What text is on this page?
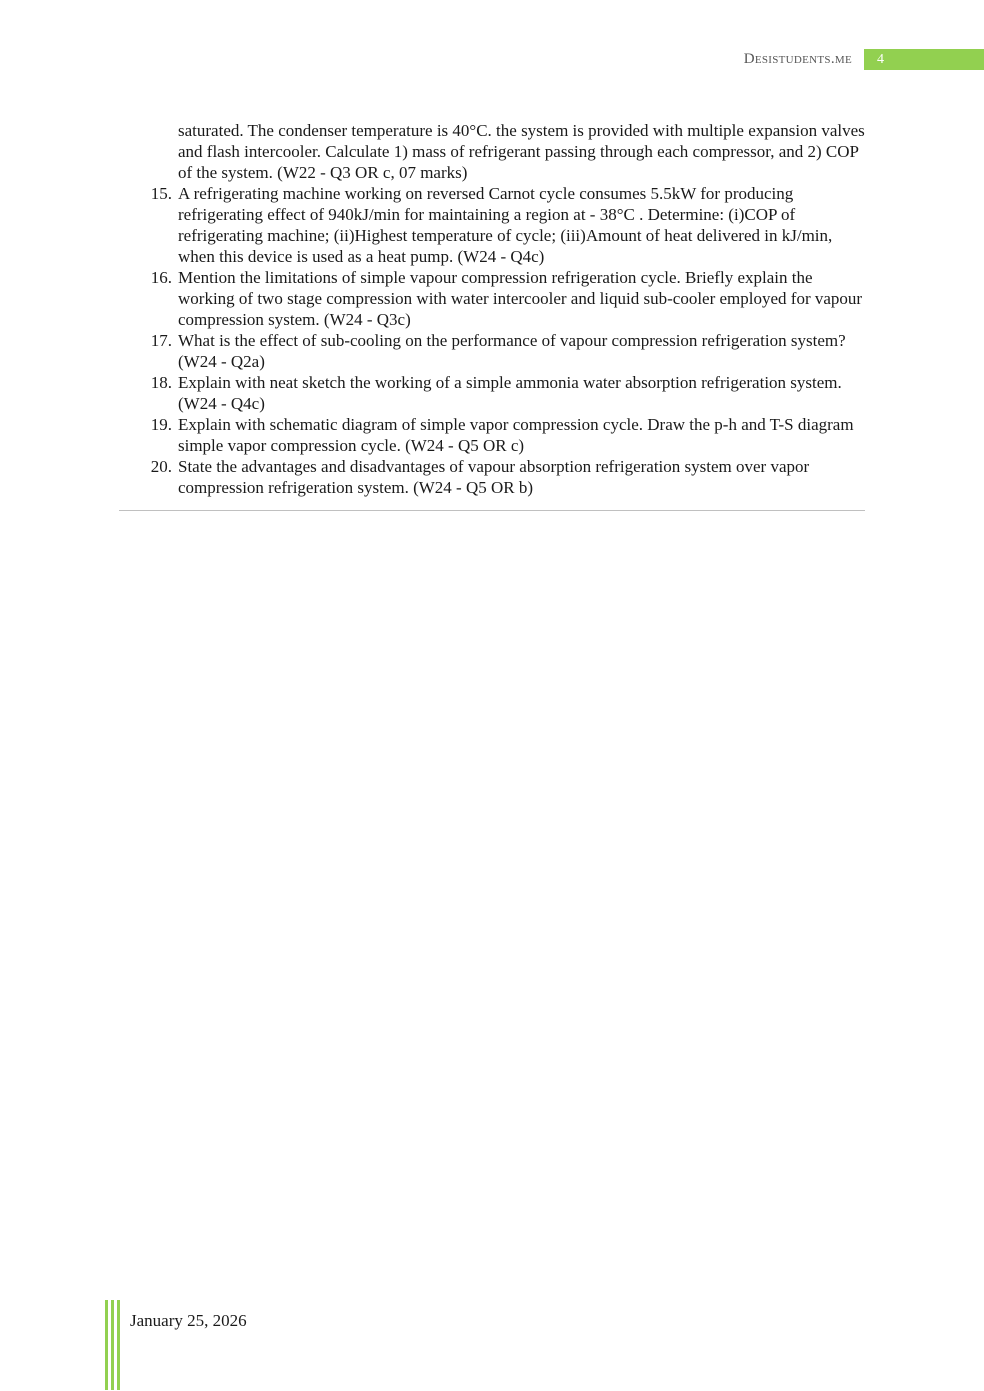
Desistudents.me	4
saturated. The condenser temperature is 40°C. the system is provided with multiple expansion valves and flash intercooler. Calculate 1) mass of refrigerant passing through each compressor, and 2) COP of the system. (W22 - Q3 OR c, 07 marks)
15. A refrigerating machine working on reversed Carnot cycle consumes 5.5kW for producing refrigerating effect of 940kJ/min for maintaining a region at - 38°C . Determine: (i)COP of refrigerating machine; (ii)Highest temperature of cycle; (iii)Amount of heat delivered in kJ/min, when this device is used as a heat pump. (W24 - Q4c)
16. Mention the limitations of simple vapour compression refrigeration cycle. Briefly explain the working of two stage compression with water intercooler and liquid sub-cooler employed for vapour compression system. (W24 - Q3c)
17. What is the effect of sub-cooling on the performance of vapour compression refrigeration system? (W24 - Q2a)
18. Explain with neat sketch the working of a simple ammonia water absorption refrigeration system. (W24 - Q4c)
19. Explain with schematic diagram of simple vapor compression cycle. Draw the p-h and T-S diagram simple vapor compression cycle. (W24 - Q5 OR c)
20. State the advantages and disadvantages of vapour absorption refrigeration system over vapor compression refrigeration system. (W24 - Q5 OR b)
January 25, 2026
